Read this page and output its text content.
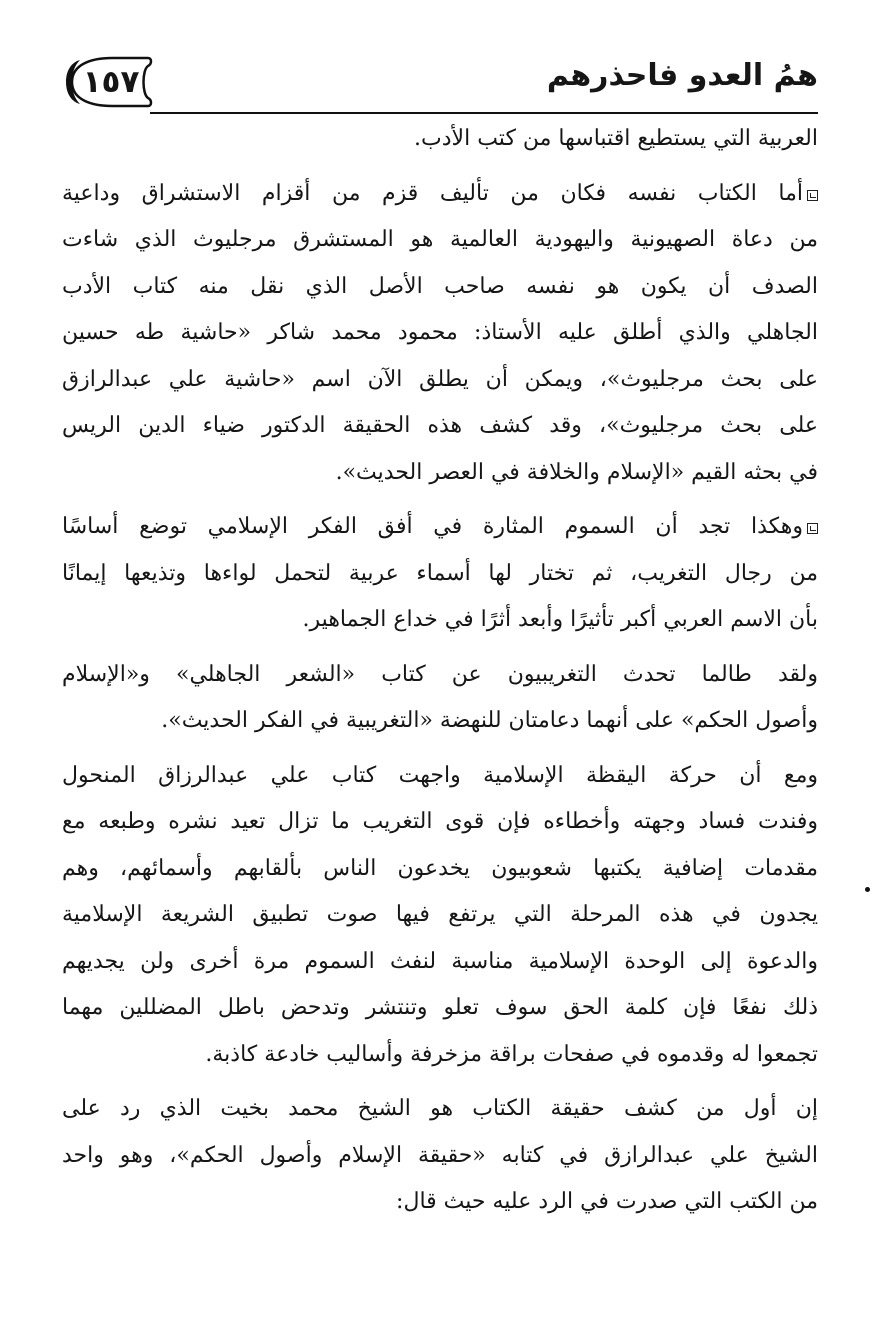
همُ العدو فاحذرهم
١٥٧
العربية التي يستطيع اقتباسها من كتب الأدب.
أما الكتاب نفسه فكان من تأليف قزم من أقزام الاستشراق وداعية
من دعاة الصهيونية واليهودية العالمية هو المستشرق مرجليوث الذي شاءت
الصدف أن يكون هو نفسه صاحب الأصل الذي نقل منه كتاب الأدب
الجاهلي والذي أطلق عليه الأستاذ: محمود محمد شاكر «حاشية طه حسين
على بحث مرجليوث»، ويمكن أن يطلق الآن اسم «حاشية علي عبدالرازق
على بحث مرجليوث»، وقد كشف هذه الحقيقة الدكتور ضياء الدين الريس
في بحثه القيم «الإسلام والخلافة في العصر الحديث».
وهكذا تجد أن السموم المثارة في أفق الفكر الإسلامي توضع أساسًا
من رجال التغريب، ثم تختار لها أسماء عربية لتحمل لواءها وتذيعها إيمانًا
بأن الاسم العربي أكبر تأثيرًا وأبعد أثرًا في خداع الجماهير.
ولقد طالما تحدث التغريبيون عن كتاب «الشعر الجاهلي» و«الإسلام
وأصول الحكم» على أنهما دعامتان للنهضة «التغريبية في الفكر الحديث».
ومع أن حركة اليقظة الإسلامية واجهت كتاب علي عبدالرزاق المنحول
وفندت فساد وجهته وأخطاءه فإن قوى التغريب ما تزال تعيد نشره وطبعه مع
مقدمات إضافية يكتبها شعوبيون يخدعون الناس بألقابهم وأسمائهم، وهم
يجدون في هذه المرحلة التي يرتفع فيها صوت تطبيق الشريعة الإسلامية
والدعوة إلى الوحدة الإسلامية مناسبة لنفث السموم مرة أخرى ولن يجديهم
ذلك نفعًا فإن كلمة الحق سوف تعلو وتنتشر وتدحض باطل المضللين مهما
تجمعوا له وقدموه في صفحات براقة مزخرفة وأساليب خادعة كاذبة.
إن أول من كشف حقيقة الكتاب هو الشيخ محمد بخيت الذي رد على
الشيخ علي عبدالرازق في كتابه «حقيقة الإسلام وأصول الحكم»، وهو واحد
من الكتب التي صدرت في الرد عليه حيث قال:
